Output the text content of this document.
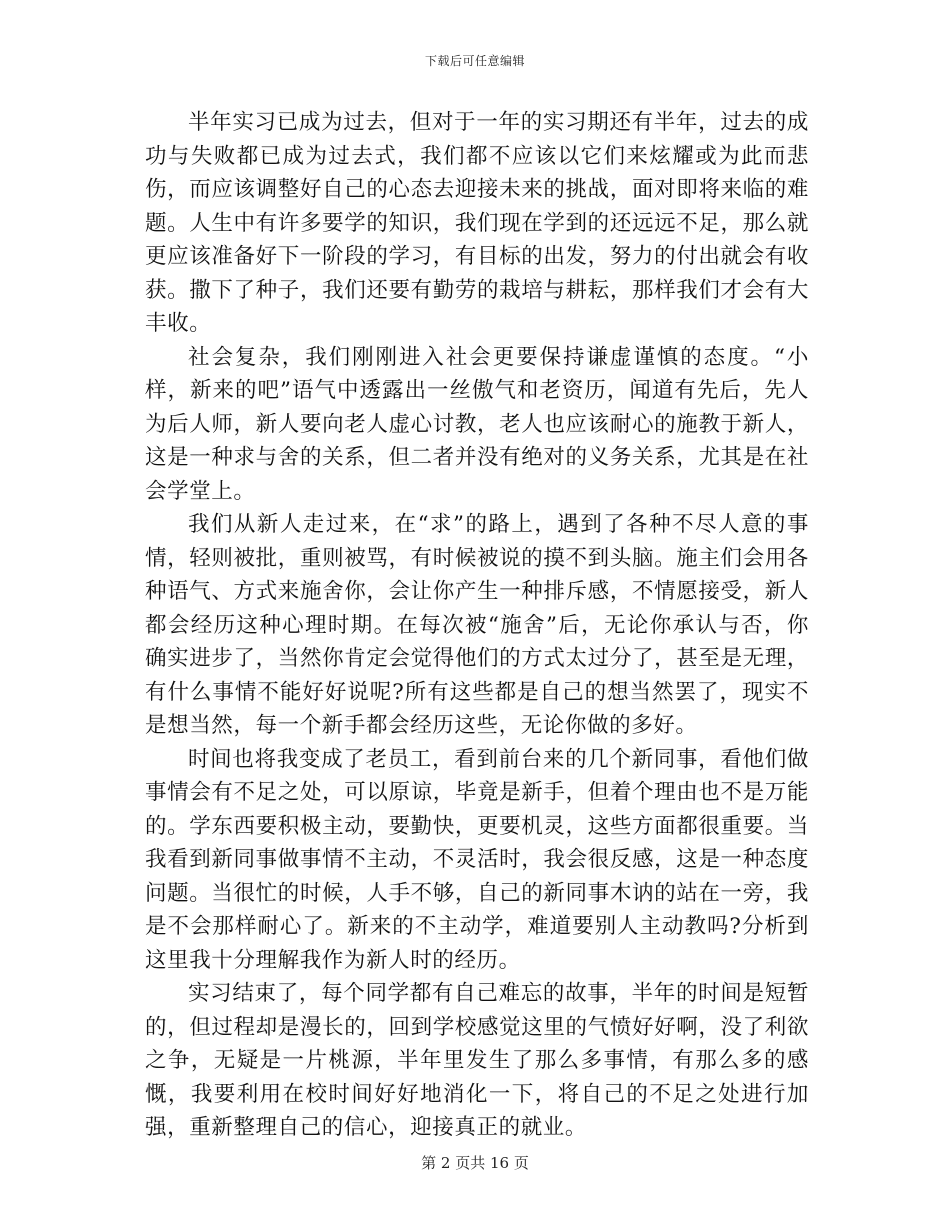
下载后可任意编辑

半年实习已成为过去，但对于一年的实习期还有半年，过去的成功与失败都已成为过去式，我们都不应该以它们来炫耀或为此而悲伤，而应该调整好自己的心态去迎接未来的挑战，面对即将来临的难题。人生中有许多要学的知识，我们现在学到的还远远不足，那么就更应该准备好下一阶段的学习，有目标的出发，努力的付出就会有收获。撒下了种子，我们还要有勤劳的栽培与耕耘，那样我们才会有大丰收。

社会复杂，我们刚刚进入社会更要保持谦虚谨慎的态度。“小样，新来的吧”语气中透露出一丝傲气和老资历，闻道有先后，先人为后人师，新人要向老人虚心讨教，老人也应该耐心的施教于新人，这是一种求与舍的关系，但二者并没有绝对的义务关系，尤其是在社会学堂上。

我们从新人走过来，在“求”的路上，遇到了各种不尽人意的事情，轻则被批，重则被骂，有时候被说的摸不到头脑。施主们会用各种语气、方式来施舍你，会让你产生一种排斥感，不情愿接受，新人都会经历这种心理时期。在每次被“施舍”后，无论你承认与否，你确实进步了，当然你肯定会觉得他们的方式太过分了，甚至是无理，有什么事情不能好好说呢?所有这些都是自己的想当然罢了，现实不是想当然，每一个新手都会经历这些，无论你做的多好。

时间也将我变成了老员工，看到前台来的几个新同事，看他们做事情会有不足之处，可以原谅，毕竟是新手，但着个理由也不是万能的。学东西要积极主动，要勤快，更要机灵，这些方面都很重要。当我看到新同事做事情不主动，不灵活时，我会很反感，这是一种态度问题。当很忙的时候，人手不够，自己的新同事木讷的站在一旁，我是不会那样耐心了。新来的不主动学，难道要别人主动教吗?分析到这里我十分理解我作为新人时的经历。

实习结束了，每个同学都有自己难忘的故事，半年的时间是短暂的，但过程却是漫长的，回到学校感觉这里的气愤好好啊，没了利欲之争，无疑是一片桃源，半年里发生了那么多事情，有那么多的感慨，我要利用在校时间好好地消化一下，将自己的不足之处进行加强，重新整理自己的信心，迎接真正的就业。

第 2 页共 16 页
